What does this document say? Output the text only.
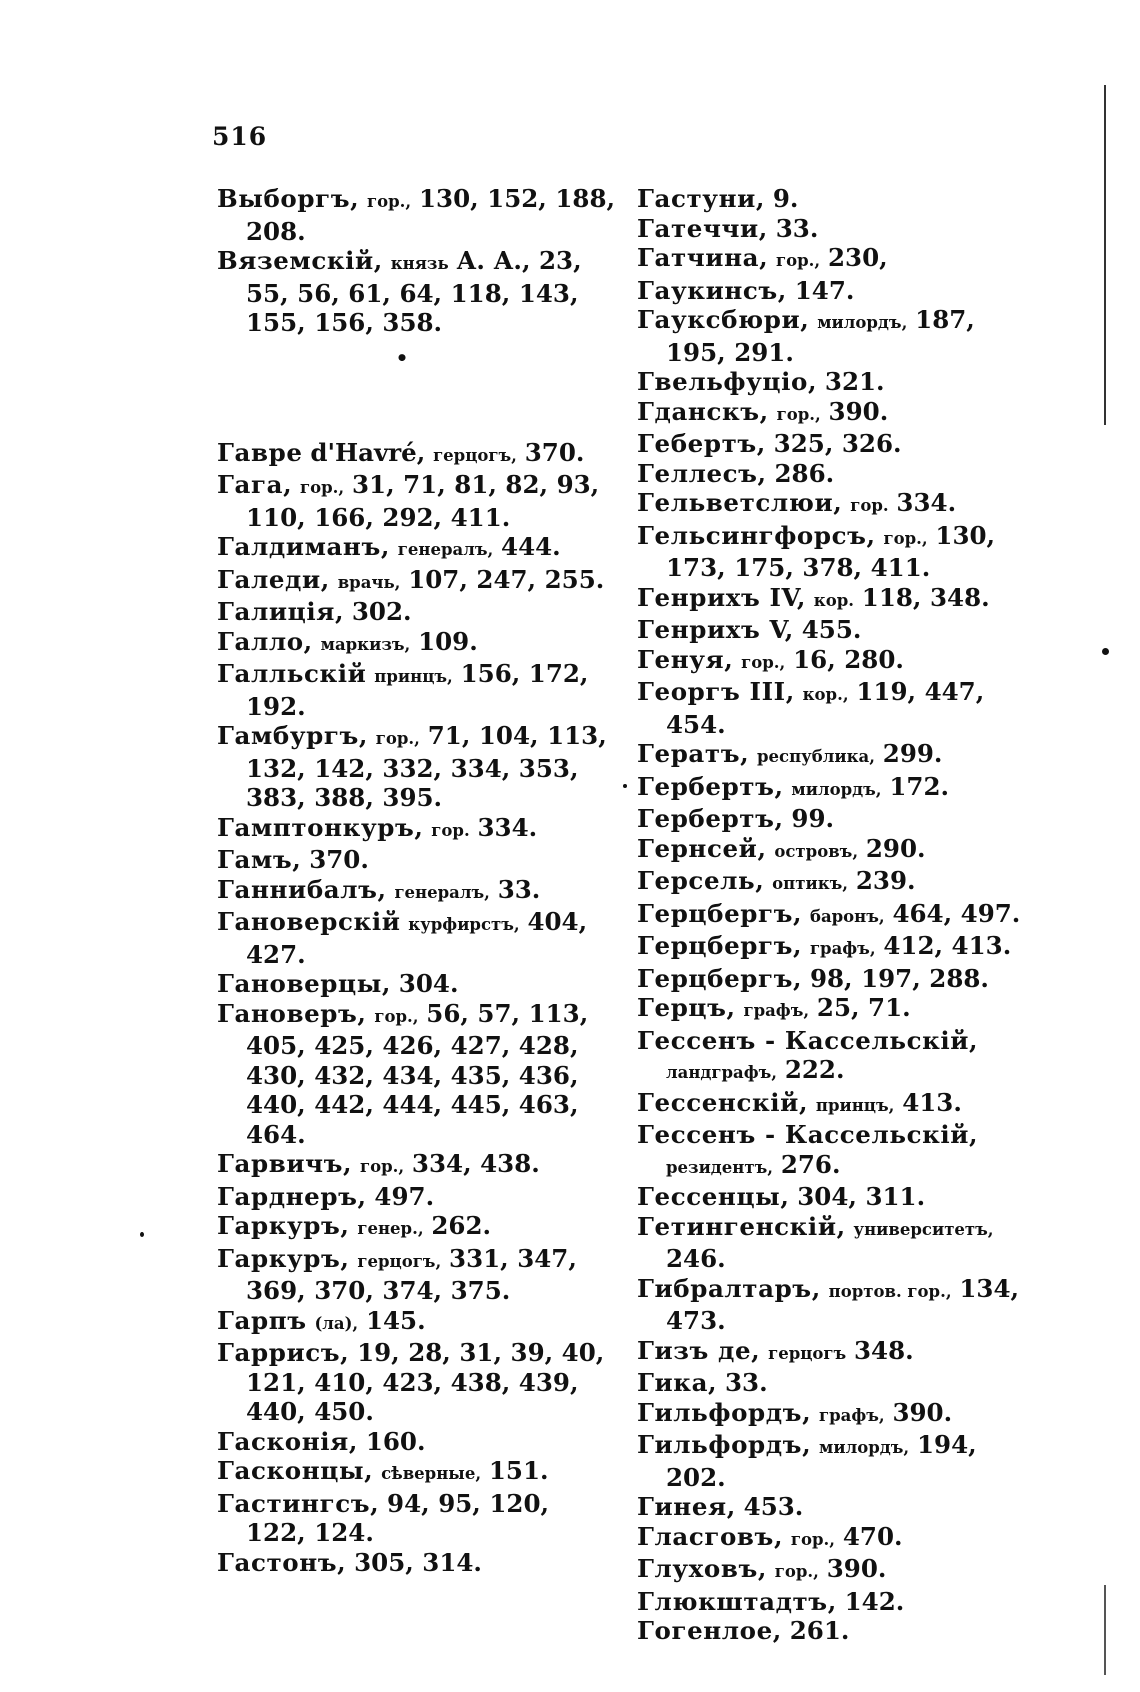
516
Выборгъ, гор., 130, 152, 188, 208.
Вяземскій, князь А. А., 23, 55, 56, 61, 64, 118, 143, 155, 156, 358.
•
Гавре d'Havré, герцогъ, 370.
Гага, гор., 31, 71, 81, 82, 93, 110, 166, 292, 411.
Галдиманъ, генералъ, 444.
Галеди, врачь, 107, 247, 255.
Галиція, 302.
Галло, маркизъ, 109.
Галльскій принцъ, 156, 172, 192.
Гамбургъ, гор., 71, 104, 113, 132, 142, 332, 334, 353, 383, 388, 395.
Гамптонкуръ, гор. 334.
Гамъ, 370.
Ганнибалъ, генералъ, 33.
Гановерскій курфирстъ, 404, 427.
Гановерцы, 304.
Гановеръ, гор., 56, 57, 113, 405, 425, 426, 427, 428, 430, 432, 434, 435, 436, 440, 442, 444, 445, 463, 464.
Гарвичъ, гор., 334, 438.
Гарднеръ, 497.
Гаркуръ, генер., 262.
Гаркуръ, герцогъ, 331, 347, 369, 370, 374, 375.
Гарпъ (ла), 145.
Гаррисъ, 19, 28, 31, 39, 40, 121, 410, 423, 438, 439, 440, 450.
Гасконія, 160.
Гасконцы, сѣверные, 151.
Гастингсъ, 94, 95, 120, 122, 124.
Гастонъ, 305, 314.
Гастуни, 9.
Гатеччи, 33.
Гатчина, гор., 230,
Гаукинсъ, 147.
Гауксбюри, милордъ, 187, 195, 291.
Гвельфуціо, 321.
Гданскъ, гор., 390.
Гебертъ, 325, 326.
Геллесъ, 286.
Гельветслюи, гор. 334.
Гельсингфорсъ, гор., 130, 173, 175, 378, 411.
Генрихъ IV, кор. 118, 348.
Генрихъ V, 455.
Генуя, гор., 16, 280.
Георгъ III, кор., 119, 447, 454.
Гератъ, республика, 299.
Гербертъ, милордъ, 172.
Гербертъ, 99.
Гернсей, островъ, 290.
Герсель, оптикъ, 239.
Герцбергъ, баронъ, 464, 497.
Герцбергъ, графъ, 412, 413.
Герцбергъ, 98, 197, 288.
Герцъ, графъ, 25, 71.
Гессенъ - Кассельскій, ландграфъ, 222.
Гессенскій, принцъ, 413.
Гессенъ - Кассельскій, резидентъ, 276.
Гессенцы, 304, 311.
Гетингенскій, университетъ, 246.
Гибралтаръ, портов. гор., 134, 473.
Гизъ де, герцогъ 348.
Гика, 33.
Гильфордъ, графъ, 390.
Гильфордъ, милордъ, 194, 202.
Гинея, 453.
Гласговъ, гор., 470.
Глуховъ, гор., 390.
Глюкштадтъ, 142.
Гогенлое, 261.
